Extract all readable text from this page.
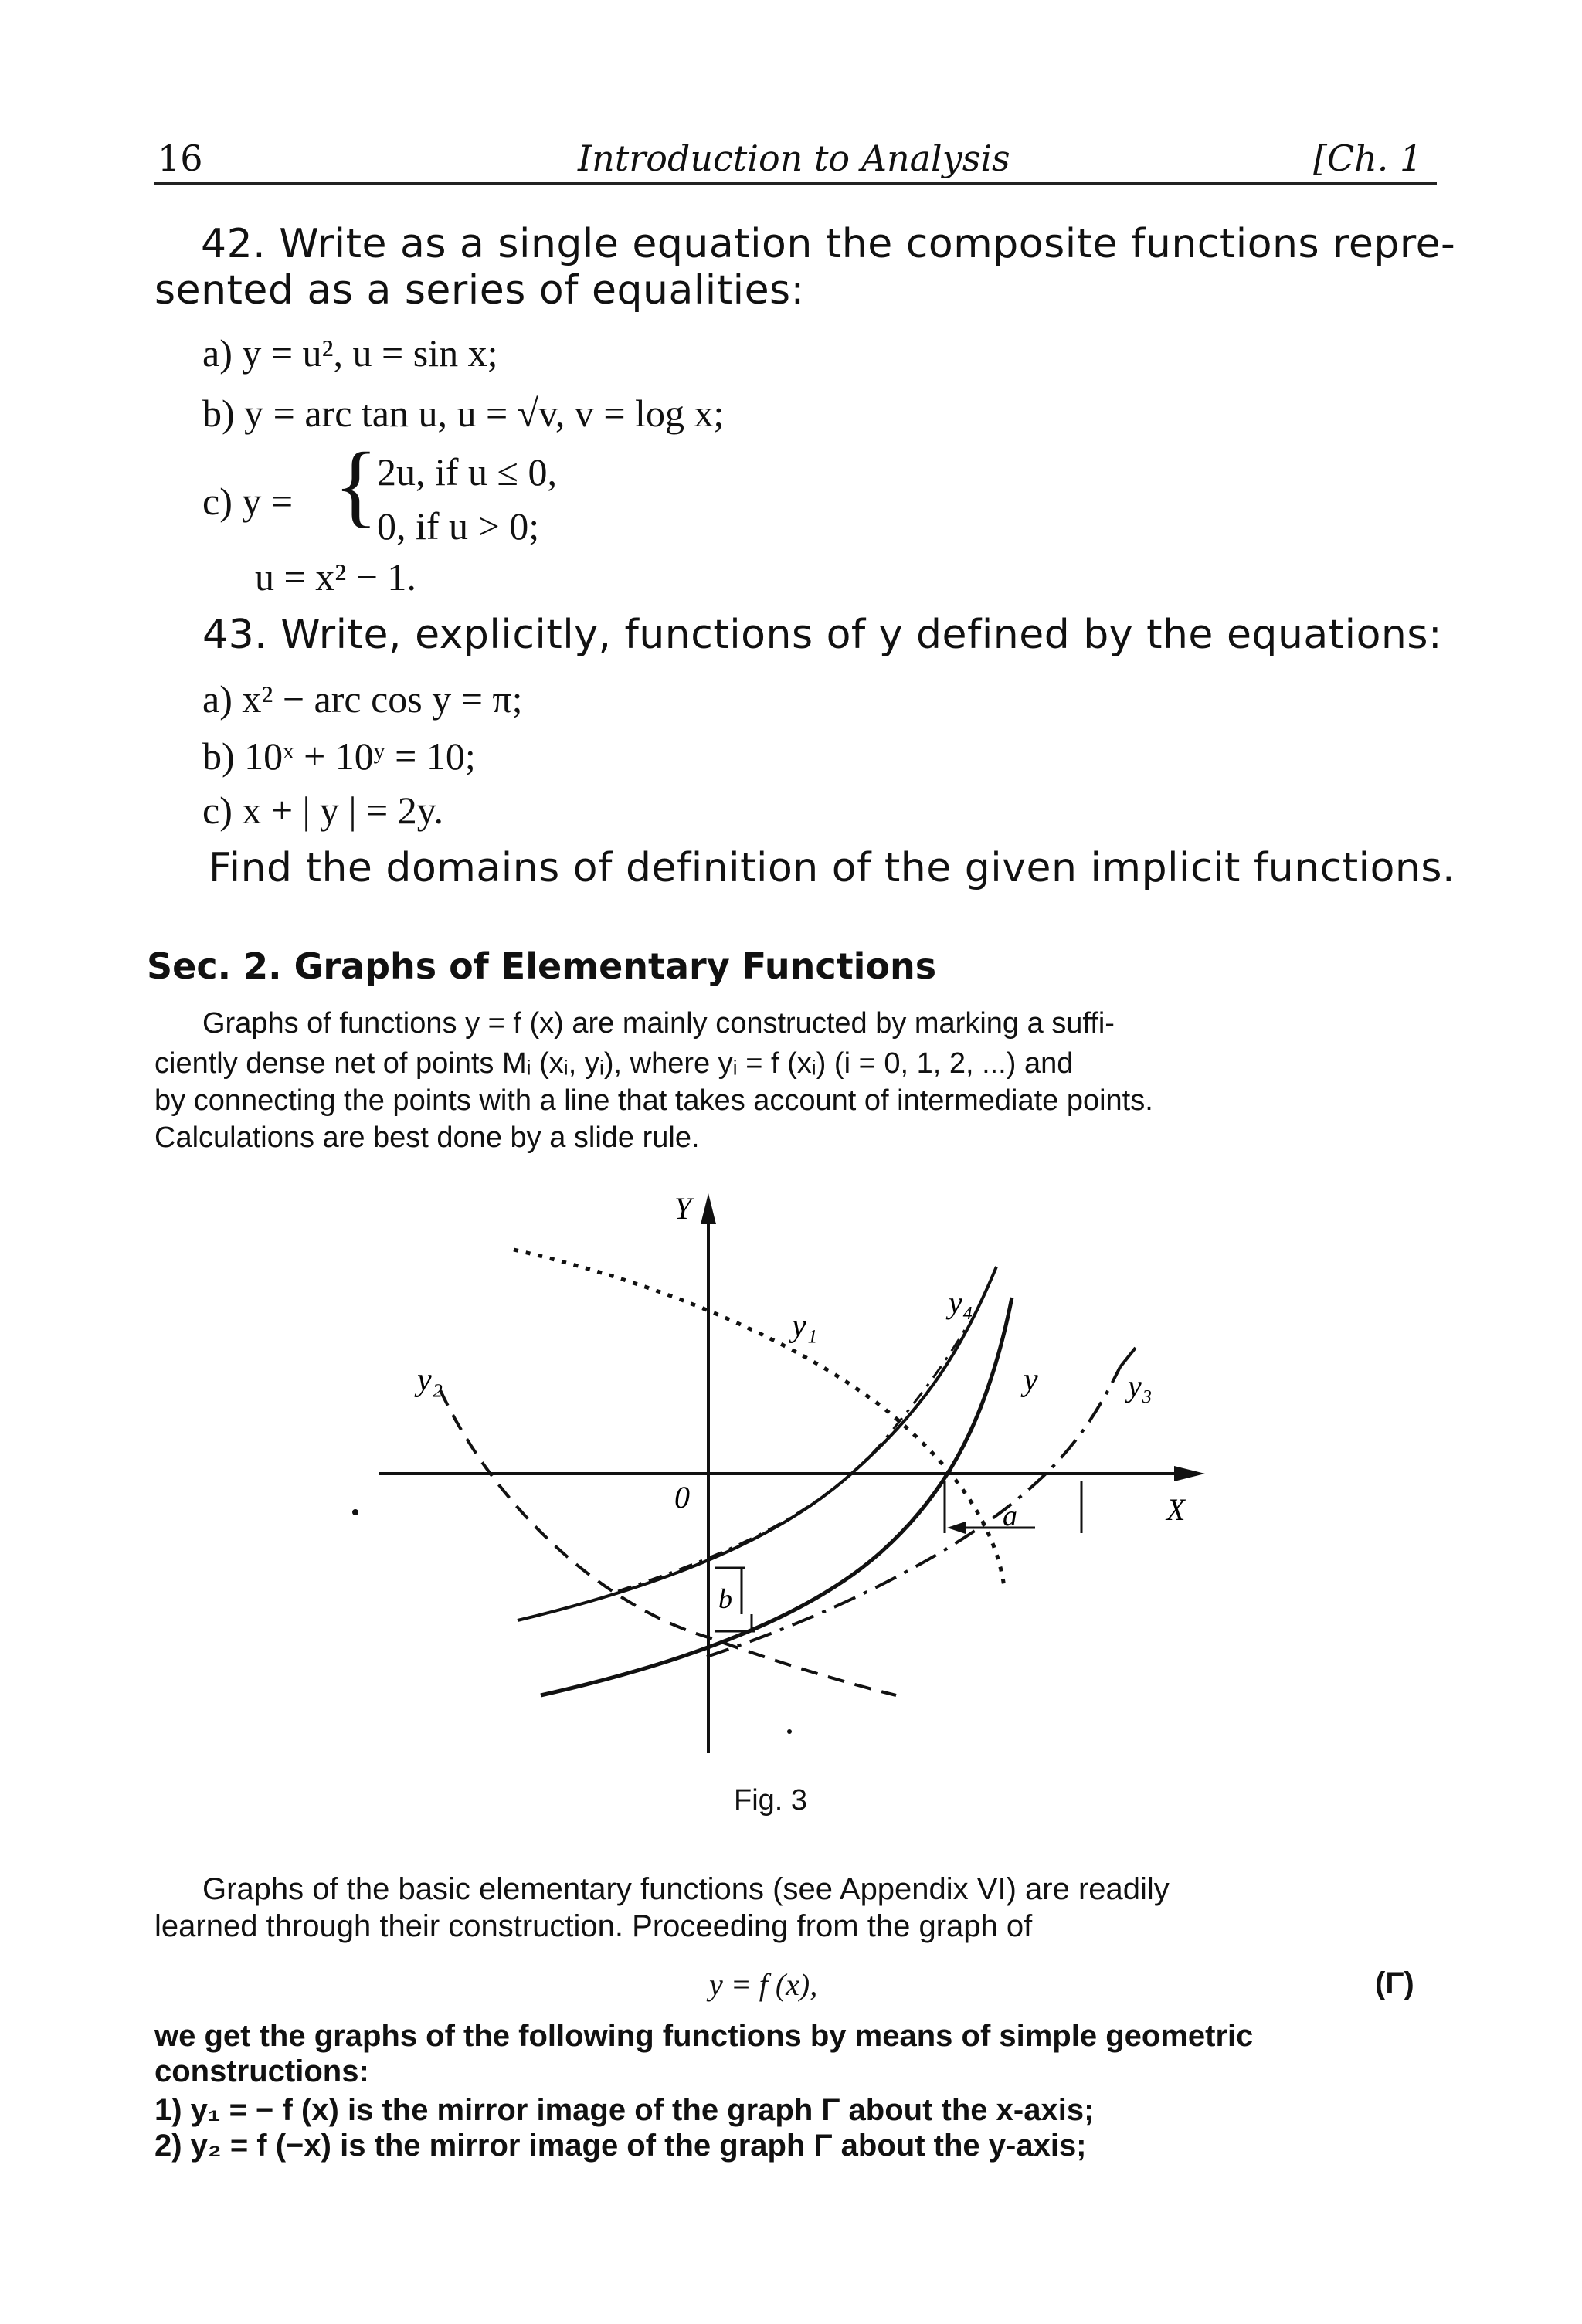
16	Introduction to Analysis	[Ch. 1
42. Write as a single equation the composite functions repre-
sented as a series of equalities:
a) y = u², u = sin x;
b) y = arc tan u, u = √v, v = log x;
c) y = {
2u, if u ≤ 0,
0, if u > 0;
u = x² − 1.
43. Write, explicitly, functions of y defined by the equations:
a) x² − arc cos y = π;
b) 10ˣ + 10ʸ = 10;
c) x + | y | = 2y.
Find the domains of definition of the given implicit functions.
Sec. 2. Graphs of Elementary Functions
Graphs of functions y = f (x) are mainly constructed by marking a suffi-
ciently dense net of points Mᵢ (xᵢ, yᵢ), where yᵢ = f (xᵢ) (i = 0, 1, 2, ...) and
by connecting the points with a line that takes account of intermediate points.
Calculations are best done by a slide rule.
Y
X
0
y
y₁
y₂	y₃
y₄
a
b
Fig. 3
Graphs of the basic elementary functions (see Appendix VI) are readily
learned through their construction. Proceeding from the graph of
y = f (x),	(Γ)
we get the graphs of the following functions by means of simple geometric
constructions:
1) y₁ = − f (x) is the mirror image of the graph Γ about the x-axis;
2) y₂ = f (−x) is the mirror image of the graph Γ about the y-axis;
